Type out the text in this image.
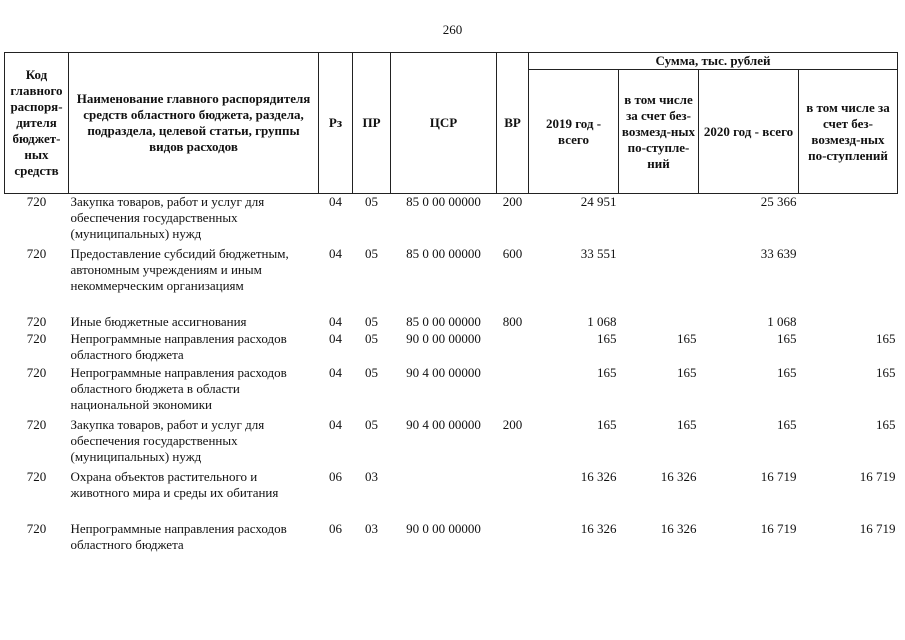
260
Код главного распоря-дителя бюджет-ных средств	Наименование главного распорядителя средств областного бюджета, раздела, подраздела, целевой статьи, группы видов расходов	Рз	ПР	ЦСР	ВР	Сумма, тыс. рублей			
						2019 год - всего	в том числе за счет без-возмезд-ных по-ступле-ний	2020 год - всего	в том числе за счет без-возмезд-ных по-ступлений
720	Закупка товаров, работ и услуг для обеспечения государственных (муниципальных) нужд	04	05	85 0 00 00000	200	24 951		25 366	
720	Предоставление субсидий бюджетным, автономным учреждениям и иным некоммерческим организациям	04	05	85 0 00 00000	600	33 551		33 639	
720	Иные бюджетные ассигнования	04	05	85 0 00 00000	800	1 068		1 068	
720	Непрограммные направления расходов областного бюджета	04	05	90 0 00 00000		165	165	165	165
720	Непрограммные направления расходов областного бюджета в области национальной экономики	04	05	90 4 00 00000		165	165	165	165
720	Закупка товаров, работ и услуг для обеспечения государственных (муниципальных) нужд	04	05	90 4 00 00000	200	165	165	165	165
720	Охрана объектов растительного и животного мира и среды их обитания	06	03			16 326	16 326	16 719	16 719
720	Непрограммные направления расходов областного бюджета	06	03	90 0 00 00000		16 326	16 326	16 719	16 719
